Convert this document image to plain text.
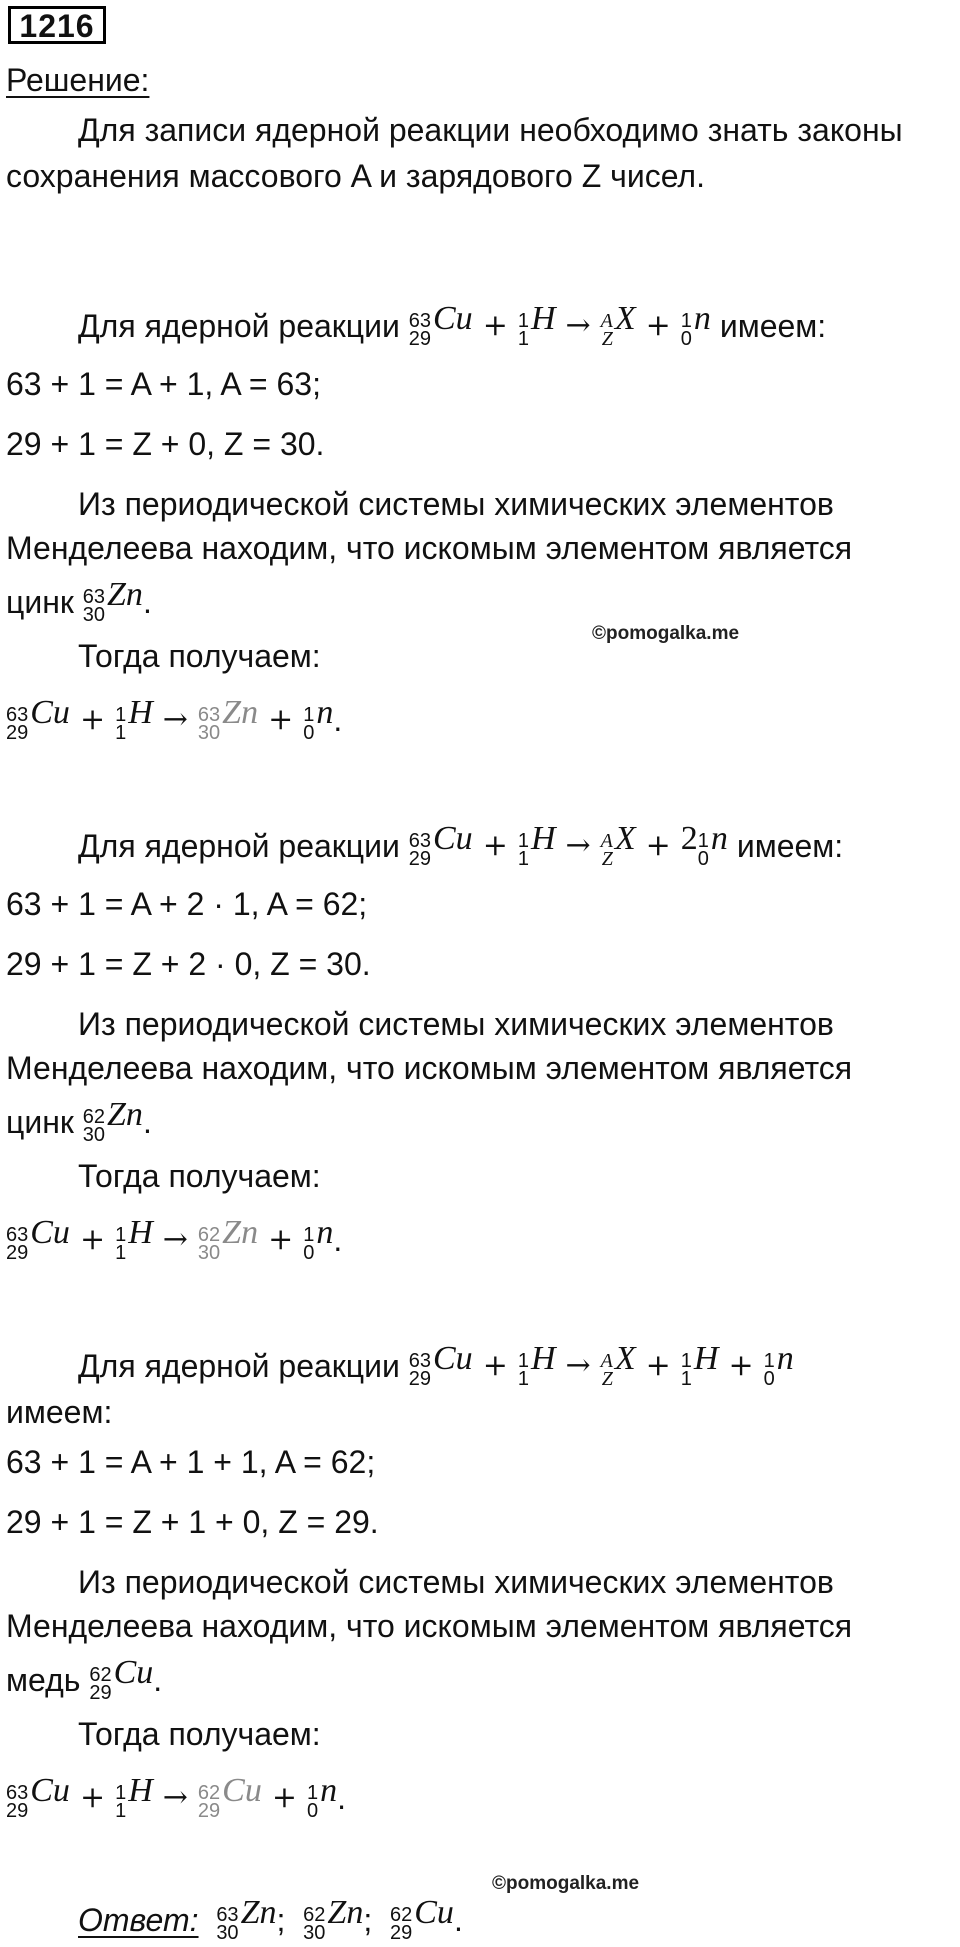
1216
Решение:
Для записи ядерной реакции необходимо знать законы
сохранения массового A и зарядового Z чисел.
Для ядерной реакции
63
29
Cu + 1
1
H → A
Z
X + 1
0
n
имеем:
63 + 1 = A + 1, A = 63;
29 + 1 = Z + 0, Z = 30.
Из периодической системы химических элементов
Менделеева находим, что искомым элементом является
цинк
63
30
Zn .
©pomogalka.me
Тогда получаем:
63
29
Cu + 1
1
H → 63
30
Zn + 1
0
n .
Для ядерной реакции
63
29
Cu + 1
1
H → A
Z
X + 2 1
0
n
имеем:
63 + 1 = A + 2 · 1, A = 62;
29 + 1 = Z + 2 · 0, Z = 30.
Из периодической системы химических элементов
Менделеева находим, что искомым элементом является
цинк
62
30
Zn .
Тогда получаем:
63
29
Cu + 1
1
H → 62
30
Zn + 1
0
n .
Для ядерной реакции
63
29
Cu + 1
1
H → A
Z
X + 1
1
H + 1
0
n
имеем:
63 + 1 = A + 1 + 1, A = 62;
29 + 1 = Z + 1 + 0, Z = 29.
Из периодической системы химических элементов
Менделеева находим, что искомым элементом является
медь
62
29
Cu .
Тогда получаем:
63
29
Cu + 1
1
H → 62
29
Cu + 1
0
n .
©pomogalka.me
Ответ:
63
30
Zn ;
62
30
Zn ;
62
29
Cu .
